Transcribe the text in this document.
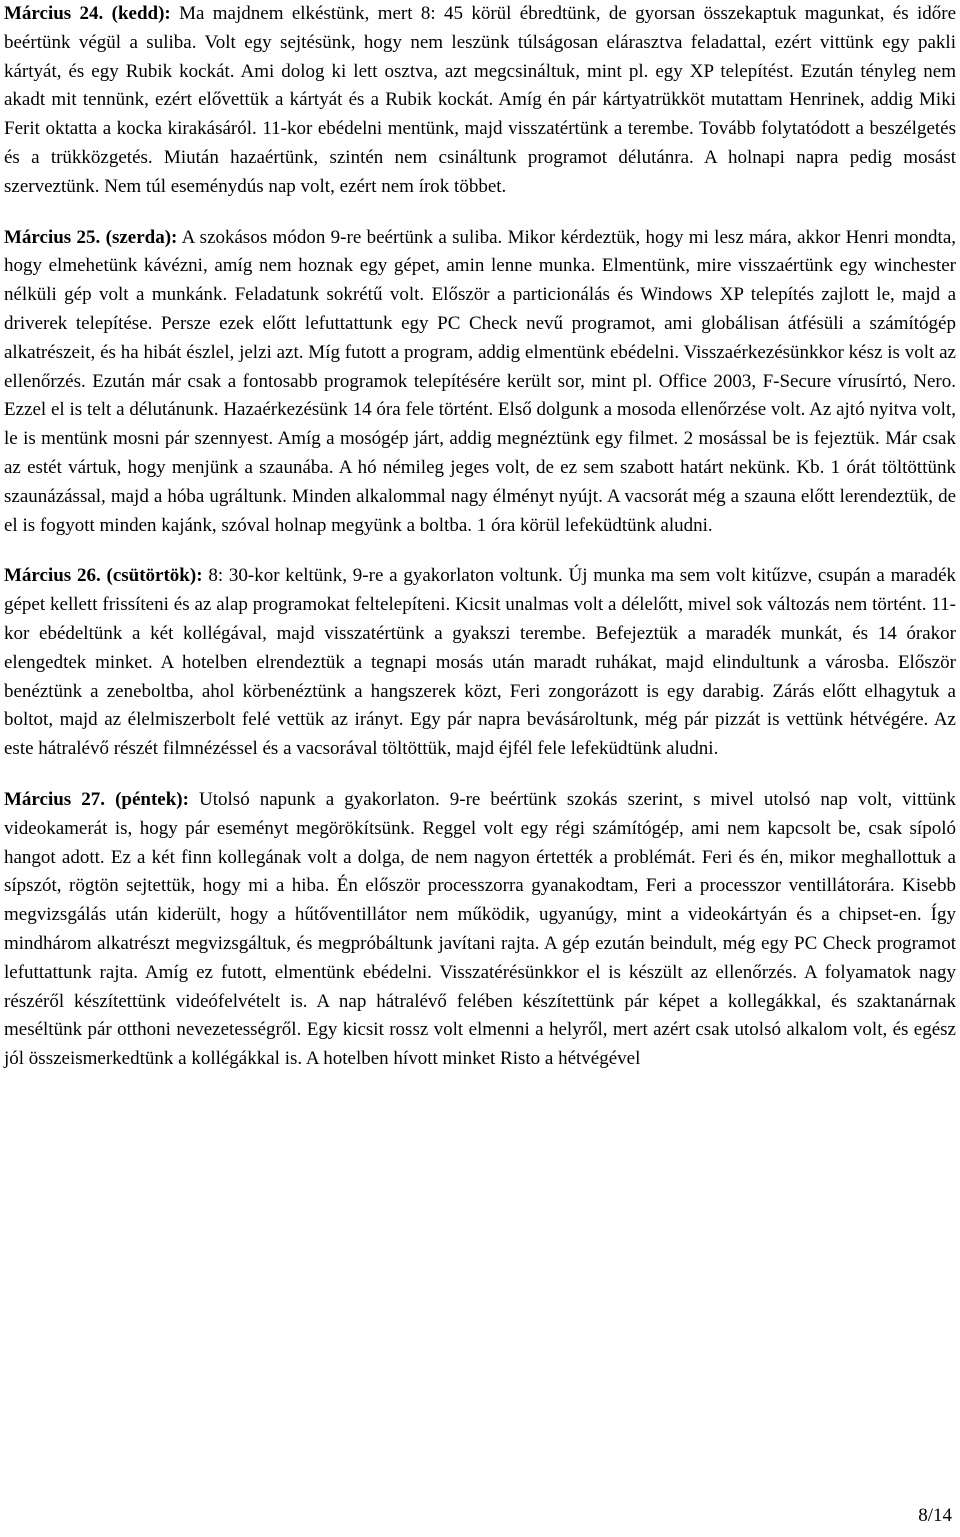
Március 24. (kedd): Ma majdnem elkéstünk, mert 8: 45 körül ébredtünk, de gyorsan összekaptuk magunkat, és időre beértünk végül a suliba. Volt egy sejtésünk, hogy nem leszünk túlságosan elárasztva feladattal, ezért vittünk egy pakli kártyát, és egy Rubik kockát. Ami dolog ki lett osztva, azt megcsináltuk, mint pl. egy XP telepítést. Ezután tényleg nem akadt mit tennünk, ezért elővettük a kártyát és a Rubik kockát. Amíg én pár kártyatrükköt mutattam Henrinek, addig Miki Ferit oktatta a kocka kirakásáról. 11-kor ebédelni mentünk, majd visszatértünk a terembe. Tovább folytatódott a beszélgetés és a trükközgetés. Miután hazaértünk, szintén nem csináltunk programot délutánra. A holnapi napra pedig mosást szerveztünk. Nem túl eseménydús nap volt, ezért nem írok többet.

Március 25. (szerda): A szokásos módon 9-re beértünk a suliba. Mikor kérdeztük, hogy mi lesz mára, akkor Henri mondta, hogy elmehetünk kávézni, amíg nem hoznak egy gépet, amin lenne munka. Elmentünk, mire visszaértünk egy winchester nélküli gép volt a munkánk. Feladatunk sokrétű volt. Először a particionálás és Windows XP telepítés zajlott le, majd a driverek telepítése. Persze ezek előtt lefuttattunk egy PC Check nevű programot, ami globálisan átfésüli a számítógép alkatrészeit, és ha hibát észlel, jelzi azt. Míg futott a program, addig elmentünk ebédelni. Visszaérkezésünkkor kész is volt az ellenőrzés. Ezután már csak a fontosabb programok telepítésére került sor, mint pl. Office 2003, F-Secure vírusírtó, Nero. Ezzel el is telt a délutánunk. Hazaérkezésünk 14 óra fele történt. Első dolgunk a mosoda ellenőrzése volt. Az ajtó nyitva volt, le is mentünk mosni pár szennyest. Amíg a mosógép járt, addig megnéztünk egy filmet. 2 mosással be is fejeztük. Már csak az estét vártuk, hogy menjünk a szaunába. A hó némileg jeges volt, de ez sem szabott határt nekünk. Kb. 1 órát töltöttünk szaunázással, majd a hóba ugráltunk. Minden alkalommal nagy élményt nyújt. A vacsorát még a szauna előtt lerendeztük, de el is fogyott minden kajánk, szóval holnap megyünk a boltba. 1 óra körül lefeküdtünk aludni.

Március 26. (csütörtök): 8: 30-kor keltünk, 9-re a gyakorlaton voltunk. Új munka ma sem volt kitűzve, csupán a maradék gépet kellett frissíteni és az alap programokat feltelepíteni. Kicsit unalmas volt a délelőtt, mivel sok változás nem történt. 11-kor ebédeltünk a két kollégával, majd visszatértünk a gyakszi terembe. Befejeztük a maradék munkát, és 14 órakor elengedtek minket. A hotelben elrendeztük a tegnapi mosás után maradt ruhákat, majd elindultunk a városba. Először benéztünk a zeneboltba, ahol körbenéztünk a hangszerek közt, Feri zongorázott is egy darabig. Zárás előtt elhagytuk a boltot, majd az élelmiszerbolt felé vettük az irányt. Egy pár napra bevásároltunk, még pár pizzát is vettünk hétvégére. Az este hátralévő részét filmnézéssel és a vacsorával töltöttük, majd éjfél fele lefeküdtünk aludni.

Március 27. (péntek): Utolsó napunk a gyakorlaton. 9-re beértünk szokás szerint, s mivel utolsó nap volt, vittünk videokamerát is, hogy pár eseményt megörökítsünk. Reggel volt egy régi számítógép, ami nem kapcsolt be, csak sípoló hangot adott. Ez a két finn kollegának volt a dolga, de nem nagyon értették a problémát. Feri és én, mikor meghallottuk a sípszót, rögtön sejtettük, hogy mi a hiba. Én először processzorra gyanakodtam, Feri a processzor ventillátorára. Kisebb megvizsgálás után kiderült, hogy a hűtőventillátor nem működik, ugyanúgy, mint a videokártyán és a chipset-en. Így mindhárom alkatrészt megvizsgáltuk, és megpróbáltunk javítani rajta. A gép ezután beindult, még egy PC Check programot lefuttattunk rajta. Amíg ez futott, elmentünk ebédelni. Visszatérésünkkor el is készült az ellenőrzés. A folyamatok nagy részéről készítettünk videófelvételt is. A nap hátralévő felében készítettünk pár képet a kollegákkal, és szaktanárnak meséltünk pár otthoni nevezetességről. Egy kicsit rossz volt elmenni a helyről, mert azért csak utolsó alkalom volt, és egész jól összeismerkedtünk a kollégákkal is. A hotelben hívott minket Risto a hétvégével

8/14
